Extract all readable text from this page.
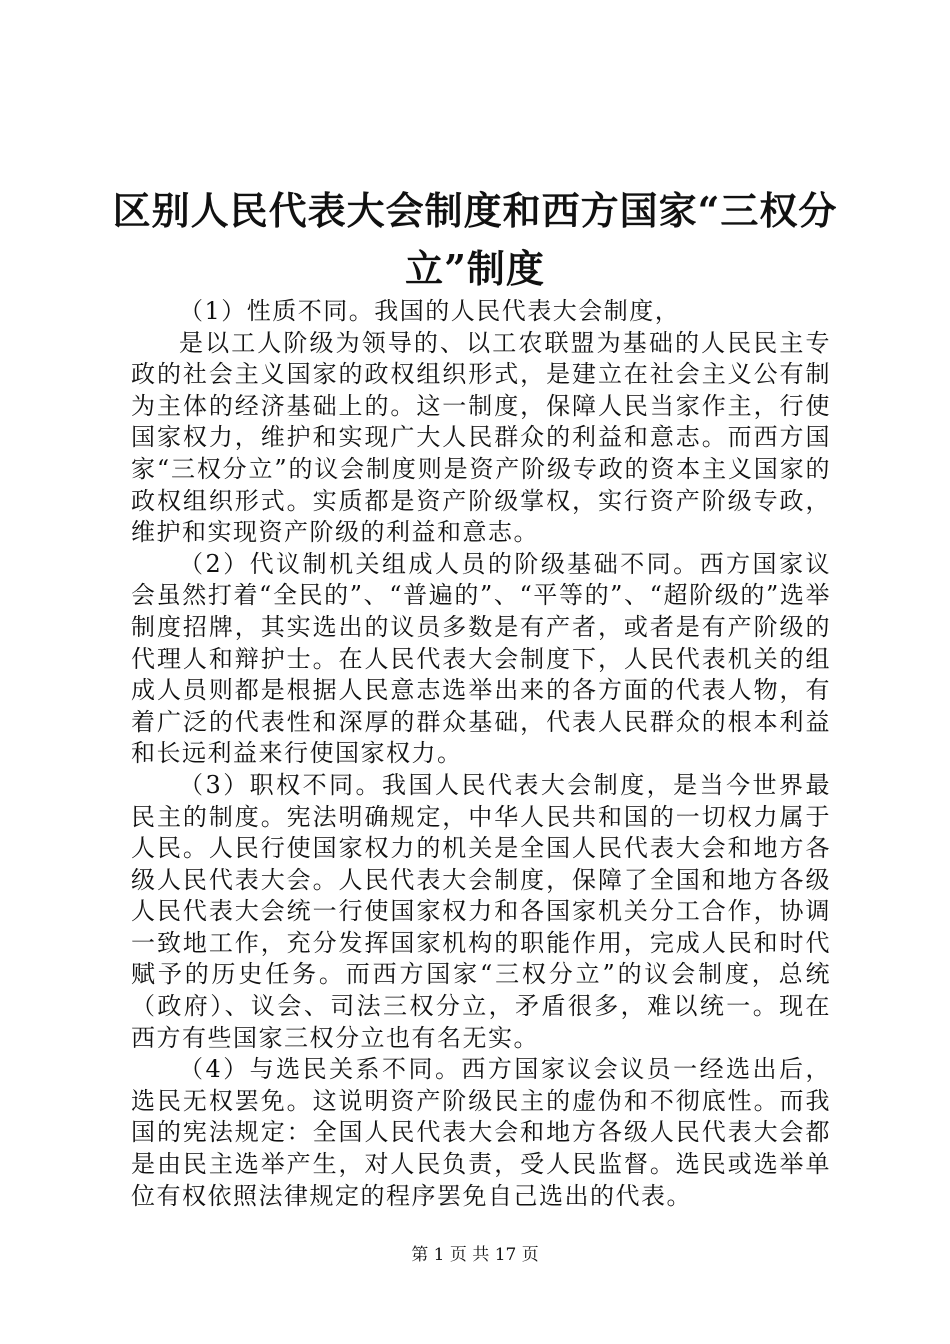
区别人民代表大会制度和西方国家“三权分
立”制度

（1）性质不同。我国的人民代表大会制度，

是以工人阶级为领导的、以工农联盟为基础的人民民主专政的社会主义国家的政权组织形式，是建立在社会主义公有制为主体的经济基础上的。这一制度，保障人民当家作主，行使国家权力，维护和实现广大人民群众的利益和意志。而西方国家“三权分立”的议会制度则是资产阶级专政的资本主义国家的政权组织形式。实质都是资产阶级掌权，实行资产阶级专政，维护和实现资产阶级的利益和意志。

（2）代议制机关组成人员的阶级基础不同。西方国家议会虽然打着“全民的”、“普遍的”、“平等的”、“超阶级的”选举制度招牌，其实选出的议员多数是有产者，或者是有产阶级的代理人和辩护士。在人民代表大会制度下，人民代表机关的组成人员则都是根据人民意志选举出来的各方面的代表人物，有着广泛的代表性和深厚的群众基础，代表人民群众的根本利益和长远利益来行使国家权力。

（3）职权不同。我国人民代表大会制度，是当今世界最民主的制度。宪法明确规定，中华人民共和国的一切权力属于人民。人民行使国家权力的机关是全国人民代表大会和地方各级人民代表大会。人民代表大会制度，保障了全国和地方各级人民代表大会统一行使国家权力和各国家机关分工合作，协调一致地工作，充分发挥国家机构的职能作用，完成人民和时代赋予的历史任务。而西方国家“三权分立”的议会制度，总统（政府）、议会、司法三权分立，矛盾很多，难以统一。现在西方有些国家三权分立也有名无实。

（4）与选民关系不同。西方国家议会议员一经选出后，选民无权罢免。这说明资产阶级民主的虚伪和不彻底性。而我国的宪法规定：全国人民代表大会和地方各级人民代表大会都是由民主选举产生，对人民负责，受人民监督。选民或选举单位有权依照法律规定的程序罢免自己选出的代表。

第 1 页 共 17 页
